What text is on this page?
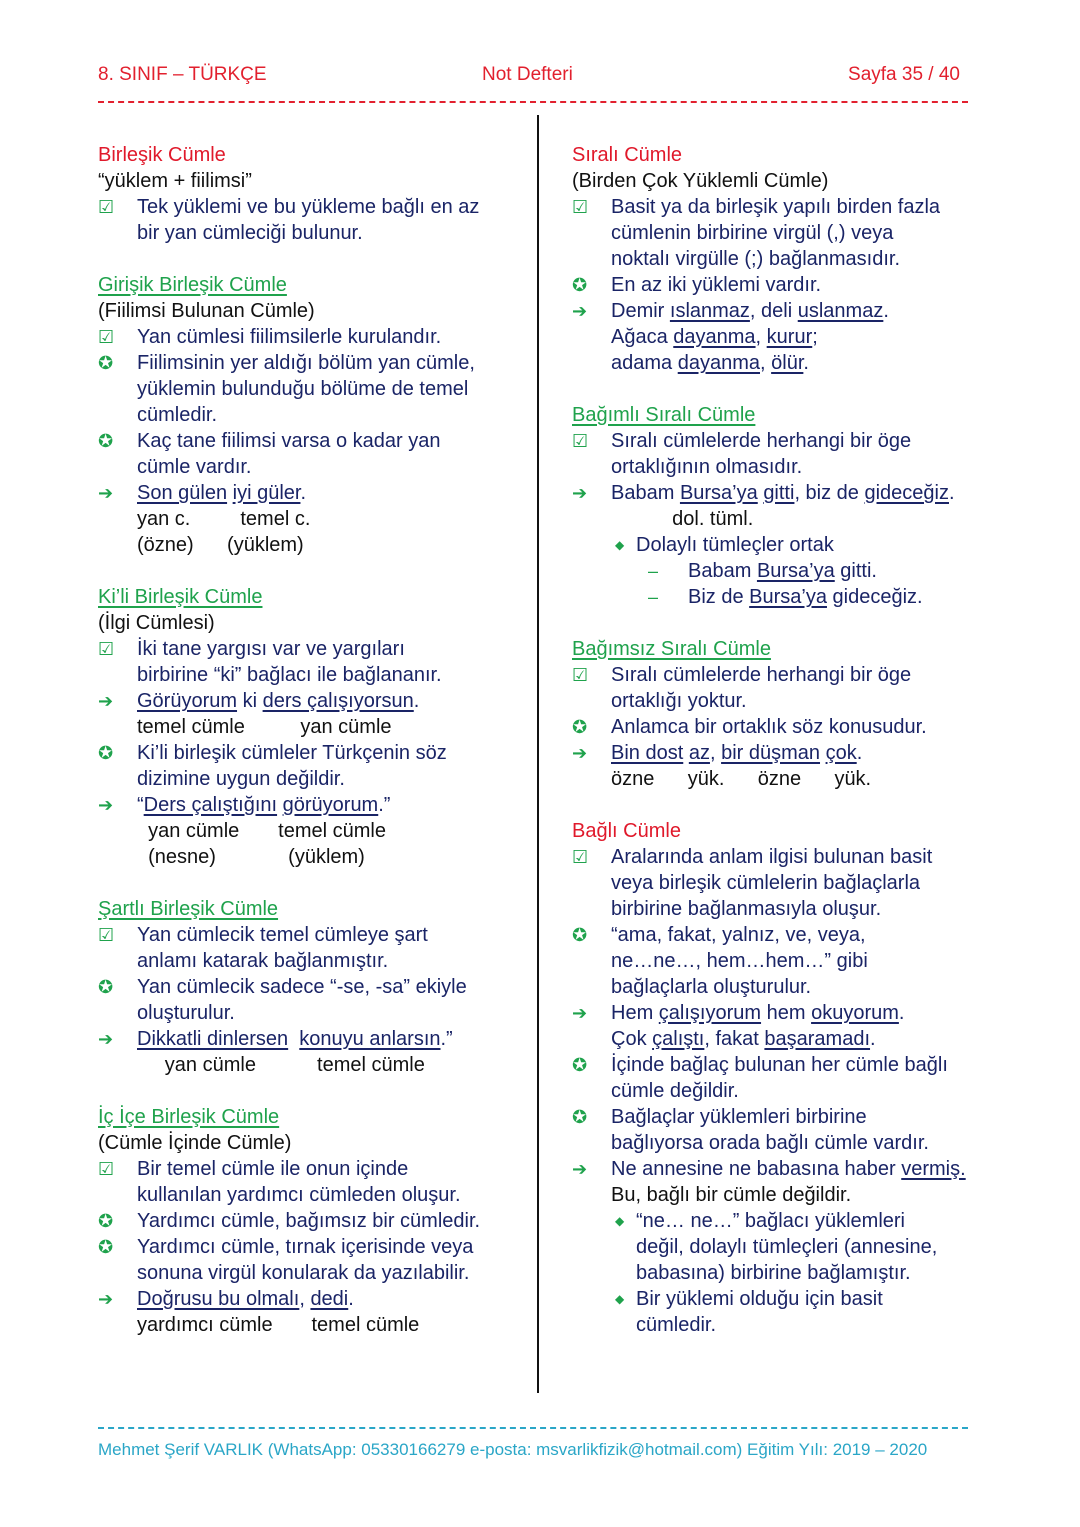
8. SINIF – TÜRKÇE	Not Defteri	Sayfa 35 / 40
Birleşik Cümle
“yüklem + fiilimsi”
☑ Tek yüklemi ve bu yükleme bağlı en az
bir yan cümleciği bulunur.
Girişik Birleşik Cümle
(Fiilimsi Bulunan Cümle)
☑ Yan cümlesi fiilimsilerle kurulandır.
✪ Fiilimsinin yer aldığı bölüm yan cümle,
yüklemin bulunduğu bölüme de temel
cümledir.
✪ Kaç tane fiilimsi varsa o kadar yan
cümle vardır.
➔ Son gülen iyi güler.
yan c.         temel c.
(özne)      (yüklem)
Ki’li Birleşik Cümle
(İlgi Cümlesi)
☑ İki tane yargısı var ve yargıları
birbirine “ki” bağlacı ile bağlananır.
➔ Görüyorum ki ders çalışıyorsun.
temel cümle          yan cümle
✪ Ki’li birleşik cümleler Türkçenin söz
dizimine uygun değildir.
➔ “Ders çalıştığını görüyorum.”
yan cümle       temel cümle
(nesne)             (yüklem)
Şartlı Birleşik Cümle
☑ Yan cümlecik temel cümleye şart
anlamı katarak bağlanmıştır.
✪ Yan cümlecik sadece “-se, -sa” ekiyle
oluşturulur.
➔ Dikkatli dinlersen konuyu anlarsın.”
yan cümle           temel cümle
İç İçe Birleşik Cümle
(Cümle İçinde Cümle)
☑ Bir temel cümle ile onun içinde
kullanılan yardımcı cümleden oluşur.
✪ Yardımcı cümle, bağımsız bir cümledir.
✪ Yardımcı cümle, tırnak içerisinde veya
sonuna virgül konularak da yazılabilir.
➔ Doğrusu bu olmalı, dedi.
yardımcı cümle       temel cümle
Sıralı Cümle
(Birden Çok Yüklemli Cümle)
☑ Basit ya da birleşik yapılı birden fazla
cümlenin birbirine virgül (,) veya
noktalı virgülle (;) bağlanmasıdır.
✪ En az iki yüklemi vardır.
➔ Demir ıslanmaz, deli uslanmaz.
Ağaca dayanma, kurur;
adama dayanma, ölür.
Bağımlı Sıralı Cümle
☑ Sıralı cümlelerde herhangi bir öge
ortaklığının olmasıdır.
➔ Babam Bursa’ya gitti, biz de gideceğiz.
dol. tüml.
◆ Dolaylı tümleçler ortak
– Babam Bursa’ya gitti.
– Biz de Bursa’ya gideceğiz.
Bağımsız Sıralı Cümle
☑ Sıralı cümlelerde herhangi bir öge
ortaklığı yoktur.
✪ Anlamca bir ortaklık söz konusudur.
➔ Bin dost az, bir düşman çok.
özne      yük.      özne      yük.
Bağlı Cümle
☑ Aralarında anlam ilgisi bulunan basit
veya birleşik cümlelerin bağlaçlarla
birbirine bağlanmasıyla oluşur.
✪ “ama, fakat, yalnız, ve, veya,
ne…ne…, hem…hem…” gibi
bağlaçlarla oluşturulur.
➔ Hem çalışıyorum hem okuyorum.
Çok çalıştı, fakat başaramadı.
✪ İçinde bağlaç bulunan her cümle bağlı
cümle değildir.
✪ Bağlaçlar yüklemleri birbirine
bağlıyorsa orada bağlı cümle vardır.
➔ Ne annesine ne babasına haber vermiş.
Bu, bağlı bir cümle değildir.
◆ “ne… ne…” bağlacı yüklemleri
değil, dolaylı tümleçleri (annesine,
babasına) birbirine bağlamıştır.
◆ Bir yüklemi olduğu için basit
cümledir.
Mehmet Şerif VARLIK (WhatsApp: 05330166279 e-posta: msvarlikfizik@hotmail.com) Eğitim Yılı: 2019 – 2020
